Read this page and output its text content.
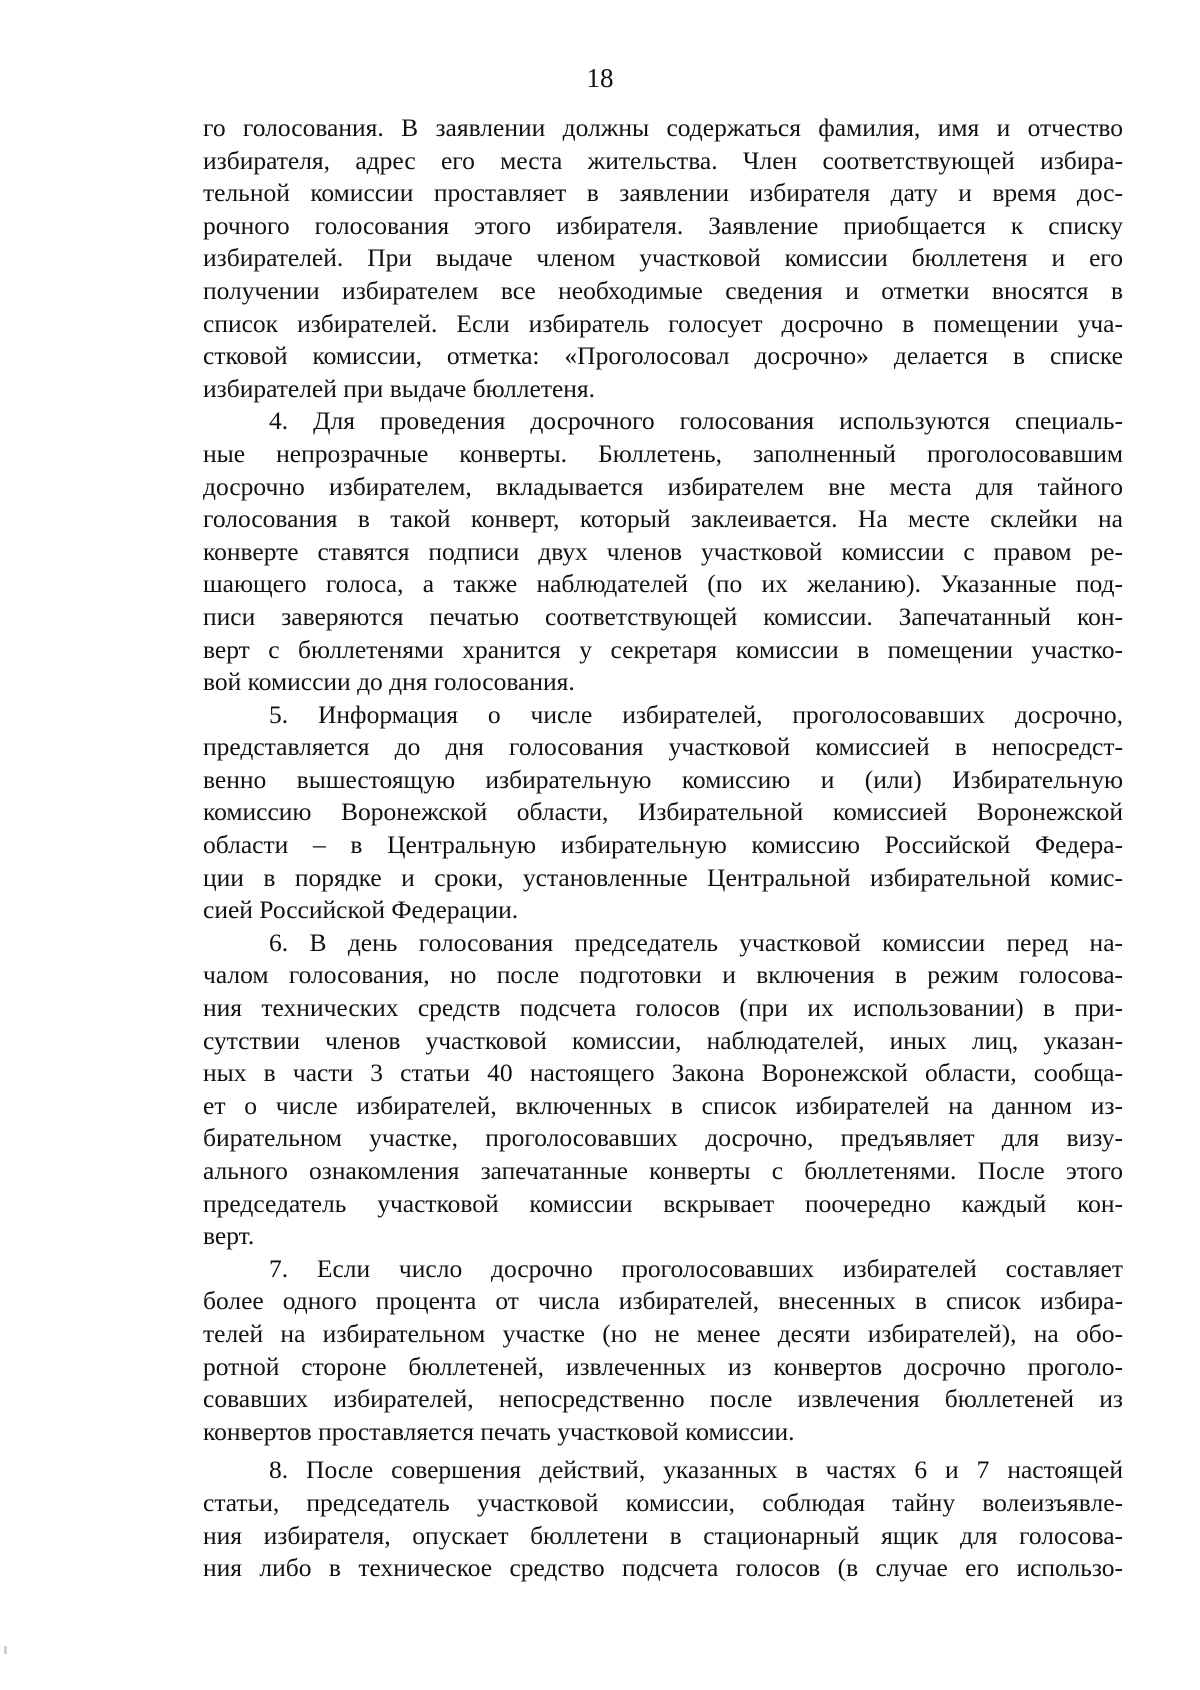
18
го голосования. В заявлении должны содержаться фамилия, имя и отчество
избирателя, адрес его места жительства. Член соответствующей избира-
тельной комиссии проставляет в заявлении избирателя дату и время дос-
рочного голосования этого избирателя. Заявление приобщается к списку
избирателей. При выдаче членом участковой комиссии бюллетеня и его
получении избирателем все необходимые сведения и отметки вносятся в
список избирателей. Если избиратель голосует досрочно в помещении уча-
стковой комиссии, отметка: «Проголосовал досрочно» делается в списке
избирателей при выдаче бюллетеня.
4. Для проведения досрочного голосования используются специаль-
ные непрозрачные конверты. Бюллетень, заполненный проголосовавшим
досрочно избирателем, вкладывается избирателем вне места для тайного
голосования в такой конверт, который заклеивается. На месте склейки на
конверте ставятся подписи двух членов участковой комиссии с правом ре-
шающего голоса, а также наблюдателей (по их желанию). Указанные под-
писи заверяются печатью соответствующей комиссии. Запечатанный кон-
верт с бюллетенями хранится у секретаря комиссии в помещении участко-
вой комиссии до дня голосования.
5. Информация о числе избирателей, проголосовавших досрочно,
представляется до дня голосования участковой комиссией в непосредст-
венно вышестоящую избирательную комиссию и (или) Избирательную
комиссию Воронежской области, Избирательной комиссией Воронежской
области – в Центральную избирательную комиссию Российской Федера-
ции в порядке и сроки, установленные Центральной избирательной комис-
сией Российской Федерации.
6. В день голосования председатель участковой комиссии перед на-
чалом голосования, но после подготовки и включения в режим голосова-
ния технических средств подсчета голосов (при их использовании) в при-
сутствии членов участковой комиссии, наблюдателей, иных лиц, указан-
ных в части 3 статьи 40 настоящего Закона Воронежской области, сообща-
ет о числе избирателей, включенных в список избирателей на данном из-
бирательном участке, проголосовавших досрочно, предъявляет для визу-
ального ознакомления запечатанные конверты с бюллетенями. После этого
председатель участковой комиссии вскрывает поочередно каждый кон-
верт.
7. Если число досрочно проголосовавших избирателей составляет
более одного процента от числа избирателей, внесенных в список избира-
телей на избирательном участке (но не менее десяти избирателей), на обо-
ротной стороне бюллетеней, извлеченных из конвертов досрочно проголо-
совавших избирателей, непосредственно после извлечения бюллетеней из
конвертов проставляется печать участковой комиссии.
8. После совершения действий, указанных в частях 6 и 7 настоящей
статьи, председатель участковой комиссии, соблюдая тайну волеизъявле-
ния избирателя, опускает бюллетени в стационарный ящик для голосова-
ния либо в техническое средство подсчета голосов (в случае его использо-
